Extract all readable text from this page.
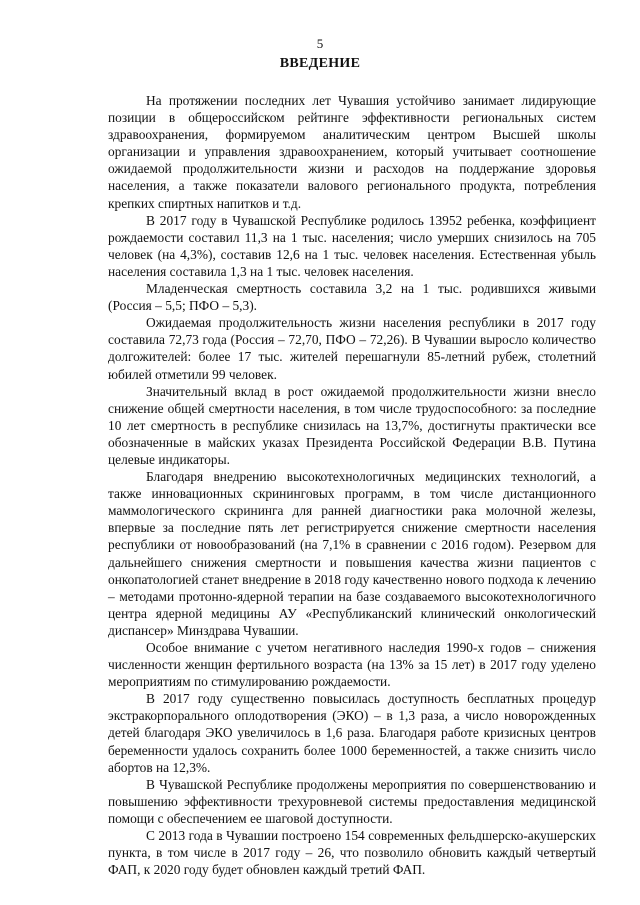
5
ВВЕДЕНИЕ

На протяжении последних лет Чувашия устойчиво занимает лидирующие позиции в общероссийском рейтинге эффективности региональных систем здравоохранения, формируемом аналитическим центром Высшей школы организации и управления здравоохранением, который учитывает соотношение ожидаемой продолжительности жизни и расходов на поддержание здоровья населения, а также показатели валового регионального продукта, потребления крепких спиртных напитков и т.д.

В 2017 году в Чувашской Республике родилось 13952 ребенка, коэффициент рождаемости составил 11,3 на 1 тыс. населения; число умерших снизилось на 705 человек (на 4,3%), составив 12,6 на 1 тыс. человек населения. Естественная убыль населения составила 1,3 на 1 тыс. человек населения.

Младенческая смертность составила 3,2 на 1 тыс. родившихся живыми (Россия – 5,5; ПФО – 5,3).

Ожидаемая продолжительность жизни населения республики в 2017 году составила 72,73 года (Россия – 72,70, ПФО – 72,26). В Чувашии выросло количество долгожителей: более 17 тыс. жителей перешагнули 85-летний рубеж, столетний юбилей отметили 99 человек.

Значительный вклад в рост ожидаемой продолжительности жизни внесло снижение общей смертности населения, в том числе трудоспособного: за последние 10 лет смертность в республике снизилась на 13,7%, достигнуты практически все обозначенные в майских указах Президента Российской Федерации В.В. Путина целевые индикаторы.

Благодаря внедрению высокотехнологичных медицинских технологий, а также инновационных скрининговых программ, в том числе дистанционного маммологического скрининга для ранней диагностики рака молочной железы, впервые за последние пять лет регистрируется снижение смертности населения республики от новообразований (на 7,1% в сравнении с 2016 годом). Резервом для дальнейшего снижения смертности и повышения качества жизни пациентов с онкопатологией станет внедрение в 2018 году качественно нового подхода к лечению – методами протонно-ядерной терапии на базе создаваемого высокотехнологичного центра ядерной медицины АУ «Республиканский клинический онкологический диспансер» Минздрава Чувашии.

Особое внимание с учетом негативного наследия 1990-х годов – снижения численности женщин фертильного возраста (на 13% за 15 лет) в 2017 году уделено мероприятиям по стимулированию рождаемости.

В 2017 году существенно повысилась доступность бесплатных процедур экстракорпорального оплодотворения (ЭКО) – в 1,3 раза, а число новорожденных детей благодаря ЭКО увеличилось в 1,6 раза. Благодаря работе кризисных центров беременности удалось сохранить более 1000 беременностей, а также снизить число абортов на 12,3%.

В Чувашской Республике продолжены мероприятия по совершенствованию и повышению эффективности трехуровневой системы предоставления медицинской помощи с обеспечением ее шаговой доступности.

С 2013 года в Чувашии построено 154 современных фельдшерско-акушерских пункта, в том числе в 2017 году – 26, что позволило обновить каждый четвертый ФАП, к 2020 году будет обновлен каждый третий ФАП.
